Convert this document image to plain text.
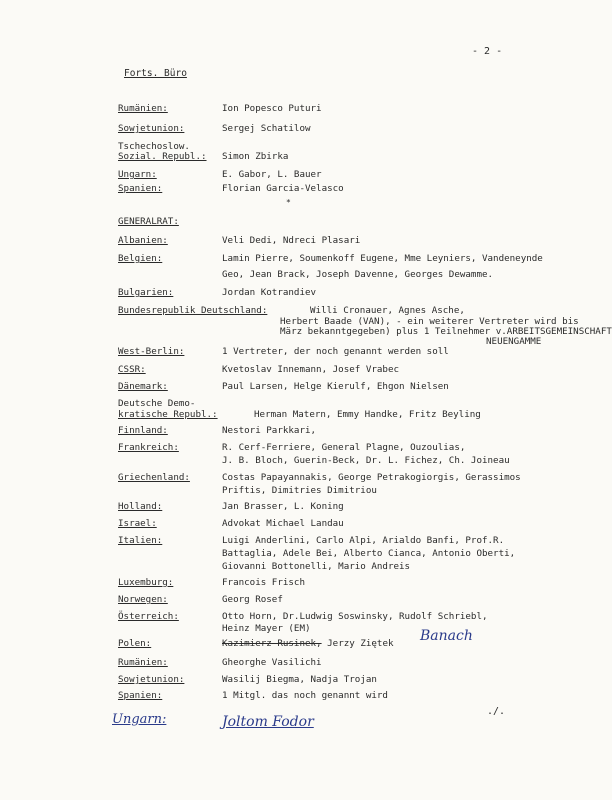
- 2 -
Forts. Büro
Rumänien:	Ion Popesco Puturi
Sowjetunion:	Sergej Schatilow
Tschechoslow.
Sozial. Republ.: Simon Zbirka
Ungarn:	E. Gabor, L. Bauer
Spanien:	Florian Garcia-Velasco
*
GENERALRAT:
Albanien:	Veli Dedi, Ndreci Plasari
Belgien:	Lamin Pierre, Soumenkoff Eugene, Mme Leyniers, Vandeneynde
Geo, Jean Brack, Joseph Davenne, Georges Dewamme.
Bulgarien:	Jordan Kotrandiev
Bundesrepublik Deutschland:	Willi Cronauer, Agnes Asche,
Herbert Baade (VAN), - ein weiterer Vertreter wird bis
März bekanntgegeben) plus 1 Teilnehmer v.ARBEITSGEMEINSCHAFT
NEUENGAMME
West-Berlin:	1 Vertreter, der noch genannt werden soll
CSSR:	Kvetoslav Innemann, Josef Vrabec
Dänemark:	Paul Larsen, Helge Kierulf, Ehgon Nielsen
Deutsche Demo-
kratische Republ.:	Herman Matern, Emmy Handke, Fritz Beyling
Finnland:	Nestori Parkkari,
Frankreich:	R. Cerf-Ferriere, General Plagne, Ouzoulias,
J. B. Bloch, Guerin-Beck, Dr. L. Fichez, Ch. Joineau
Griechenland:	Costas Papayannakis, George Petrakogiorgis, Gerassimos
Priftis, Dimitries Dimitriou
Holland:	Jan Brasser, L. Koning
Israel:	Advokat Michael Landau
Italien:	Luigi Anderlini, Carlo Alpi, Arialdo Banfi, Prof.R.
Battaglia, Adele Bei, Alberto Cianca, Antonio Oberti,
Giovanni Bottonelli, Mario Andreis
Luxemburg:	Francois Frisch
Norwegen:	Georg Rosef
Österreich:	Otto Horn, Dr.Ludwig Soswinsky, Rudolf Schriebl,
Heinz Mayer (EM)
Polen:	Kazimierz Rusinek, Jerzy Ziętek
Rumänien:	Gheorghe Vasilichi
Sowjetunion:	Wasilij Biegma, Nadja Trojan
Spanien:	1 Mitgl. das noch genannt wird
Banach
Ungarn:	Joltom Fodor
./.
